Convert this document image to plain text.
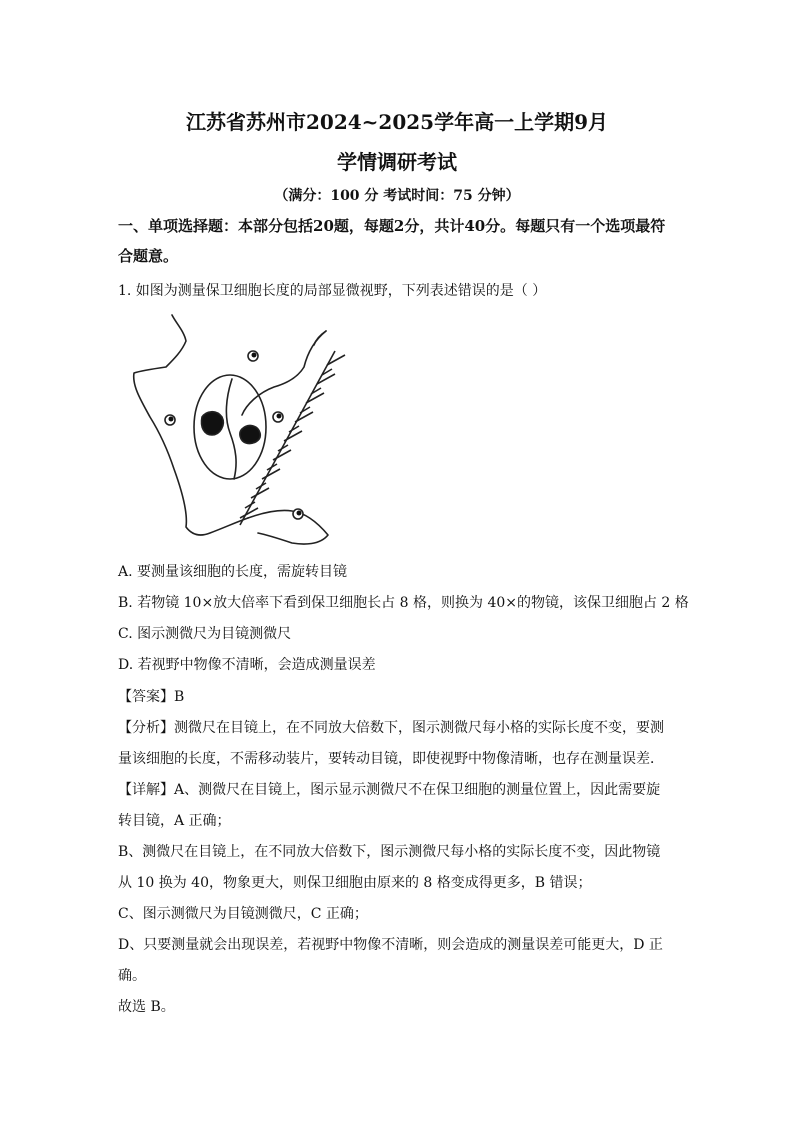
江苏省苏州市2024~2025学年高一上学期9月
学情调研考试
（满分：100 分 考试时间：75 分钟）
一、单项选择题：本部分包括20题，每题2分，共计40分。每题只有一个选项最符合题意。
1. 如图为测量保卫细胞长度的局部显微视野，下列表述错误的是（ ）
A. 要测量该细胞的长度，需旋转目镜
B. 若物镜 10×放大倍率下看到保卫细胞长占 8 格，则换为 40×的物镜，该保卫细胞占 2 格
C. 图示测微尺为目镜测微尺
D. 若视野中物像不清晰，会造成测量误差
【答案】B
【分析】测微尺在目镜上，在不同放大倍数下，图示测微尺每小格的实际长度不变，要测
量该细胞的长度，不需移动装片，要转动目镜，即使视野中物像清晰，也存在测量误差．
【详解】A、测微尺在目镜上，图示显示测微尺不在保卫细胞的测量位置上，因此需要旋
转目镜，A 正确；
B、测微尺在目镜上，在不同放大倍数下，图示测微尺每小格的实际长度不变，因此物镜
从 10 换为 40，物象更大，则保卫细胞由原来的 8 格变成得更多，B 错误；
C、图示测微尺为目镜测微尺，C 正确；
D、只要测量就会出现误差，若视野中物像不清晰，则会造成的测量误差可能更大，D 正
确。
故选 B。
